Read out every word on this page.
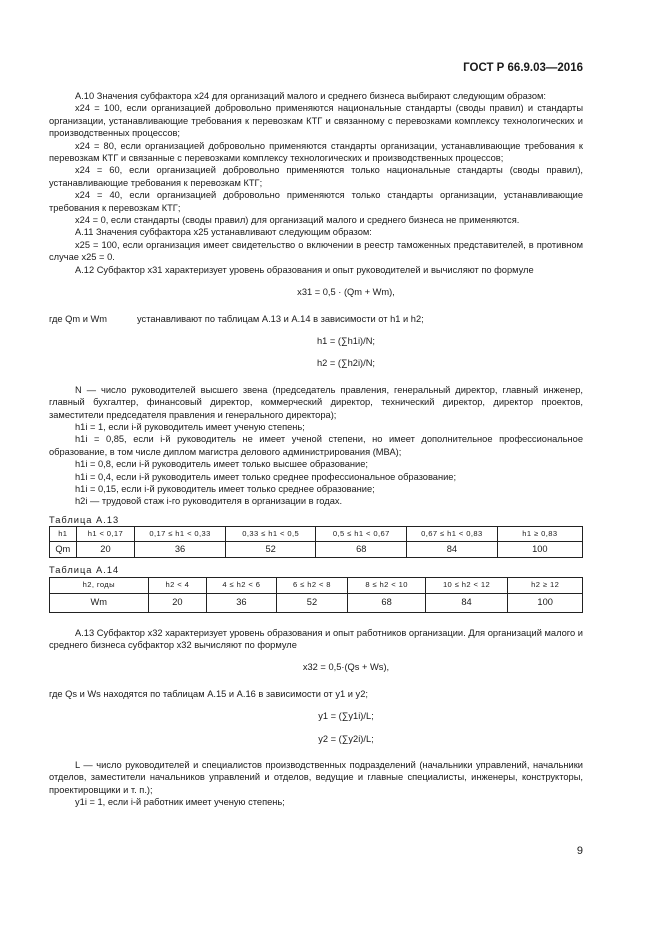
ГОСТ Р 66.9.03—2016

А.10 Значения субфактора x24 для организаций малого и среднего бизнеса выбирают следующим образом:

x24 = 100, если организацией добровольно применяются национальные стандарты (своды правил) и стандарты организации, устанавливающие требования к перевозкам КТГ и связанному с перевозками комплексу технологических и производственных процессов;

x24 = 80, если организацией добровольно применяются стандарты организации, устанавливающие требования к перевозкам КТГ и связанные с перевозками комплексу технологических и производственных процессов;

x24 = 60, если организацией добровольно применяются только национальные стандарты (своды правил), устанавливающие требования к перевозкам КТГ;

x24 = 40, если организацией добровольно применяются только стандарты организации, устанавливающие требования к перевозкам КТГ;

x24 = 0, если стандарты (своды правил) для организаций малого и среднего бизнеса не применяются.

А.11 Значения субфактора x25 устанавливают следующим образом:

x25 = 100, если организация имеет свидетельство о включении в реестр таможенных представителей, в противном случае x25 = 0.

А.12 Субфактор x31 характеризует уровень образования и опыт руководителей и вычисляют по формуле

x31 = 0,5 · (Qm + Wm),

где Qm и Wm	устанавливают по таблицам А.13 и А.14 в зависимости от h1 и h2;

h1 = (∑h1i)/N;

h2 = (∑h2i)/N;

N — число руководителей высшего звена (председатель правления, генеральный директор, главный инженер, главный бухгалтер, финансовый директор, коммерческий директор, технический директор, директор проектов, заместители председателя правления и генерального директора);

h1i = 1, если i-й руководитель имеет ученую степень;

h1i = 0,85, если i-й руководитель не имеет ученой степени, но имеет дополнительное профессиональное образование, в том числе диплом магистра делового администрирования (МВА);

h1i = 0,8, если i-й руководитель имеет только высшее образование;

h1i = 0,4, если i-й руководитель имеет только среднее профессиональное образование;

h1i = 0,15, если i-й руководитель имеет только среднее образование;

h2i — трудовой стаж i-го руководителя в организации в годах.

Таблица А.13

h1	h1 < 0,17	0,17 ≤ h1 < 0,33	0,33 ≤ h1 < 0,5	0,5 ≤ h1 < 0,67	0,67 ≤ h1 < 0,83	h1 ≥ 0,83
Qm	20	36	52	68	84	100

Таблица А.14

h2, годы	h2 < 4	4 ≤ h2 < 6	6 ≤ h2 < 8	8 ≤ h2 < 10	10 ≤ h2 < 12	h2 ≥ 12
Wm	20	36	52	68	84	100

А.13 Субфактор x32 характеризует уровень образования и опыт работников организации. Для организаций малого и среднего бизнеса субфактор x32 вычисляют по формуле

x32 = 0,5·(Qs + Ws),

где Qs и Ws находятся по таблицам А.15 и А.16 в зависимости от y1 и y2;

y1 = (∑y1i)/L;

y2 = (∑y2i)/L;

L — число руководителей и специалистов производственных подразделений (начальники управлений, начальники отделов, заместители начальников управлений и отделов, ведущие и главные специалисты, инженеры, конструкторы, проектировщики и т. п.);

y1i = 1, если i-й работник имеет ученую степень;

9
